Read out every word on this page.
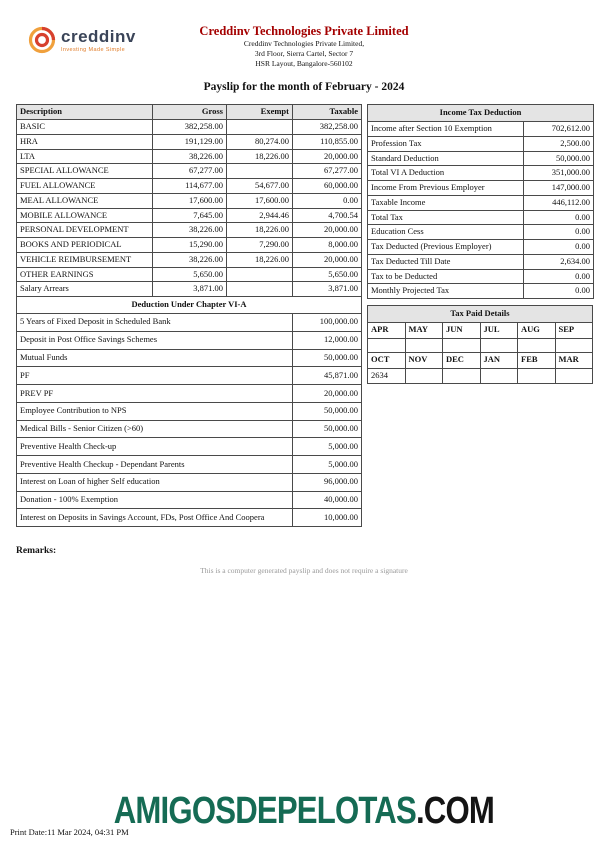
creddinv
Investing Made Simple
Creddinv Technologies Private Limited
Creddinv Technologies Private Limited,
3rd Floor, Sierra Cartel, Sector 7
HSR Layout, Bangalore-560102
Payslip for the month of February - 2024
Description	Gross	Exempt	Taxable
BASIC	382,258.00		382,258.00
HRA	191,129.00	80,274.00	110,855.00
LTA	38,226.00	18,226.00	20,000.00
SPECIAL ALLOWANCE	67,277.00		67,277.00
FUEL ALLOWANCE	114,677.00	54,677.00	60,000.00
MEAL ALLOWANCE	17,600.00	17,600.00	0.00
MOBILE ALLOWANCE	7,645.00	2,944.46	4,700.54
PERSONAL DEVELOPMENT	38,226.00	18,226.00	20,000.00
BOOKS AND PERIODICAL	15,290.00	7,290.00	8,000.00
VEHICLE REIMBURSEMENT	38,226.00	18,226.00	20,000.00
OTHER EARNINGS	5,650.00		5,650.00
Salary Arrears	3,871.00		3,871.00
Deduction Under Chapter VI-A			
5 Years of Fixed Deposit in Scheduled Bank			100,000.00
Deposit in Post Office Savings Schemes			12,000.00
Mutual Funds			50,000.00
PF			45,871.00
PREV PF			20,000.00
Employee Contribution to NPS			50,000.00
Medical Bills - Senior Citizen (>60)			50,000.00
Preventive Health Check-up			5,000.00
Preventive Health Checkup - Dependant Parents			5,000.00
Interest on Loan of higher Self education			96,000.00
Donation - 100% Exemption			40,000.00
Interest on Deposits in Savings Account, FDs, Post Office And Coopera			10,000.00
Income Tax Deduction	
Income after Section 10 Exemption	702,612.00
Profession Tax	2,500.00
Standard Deduction	50,000.00
Total VI A Deduction	351,000.00
Income From Previous Employer	147,000.00
Taxable Income	446,112.00
Total Tax	0.00
Education Cess	0.00
Tax Deducted (Previous Employer)	0.00
Tax Deducted Till Date	2,634.00
Tax to be Deducted	0.00
Monthly Projected Tax	0.00
Tax Paid Details					
APR	MAY	JUN	JUL	AUG	SEP

OCT	NOV	DEC	JAN	FEB	MAR
2634					
Remarks:
This is a computer generated payslip and does not require a signature
AMIGOSDEPELOTAS.COM
Print Date:11 Mar 2024, 04:31 PM
